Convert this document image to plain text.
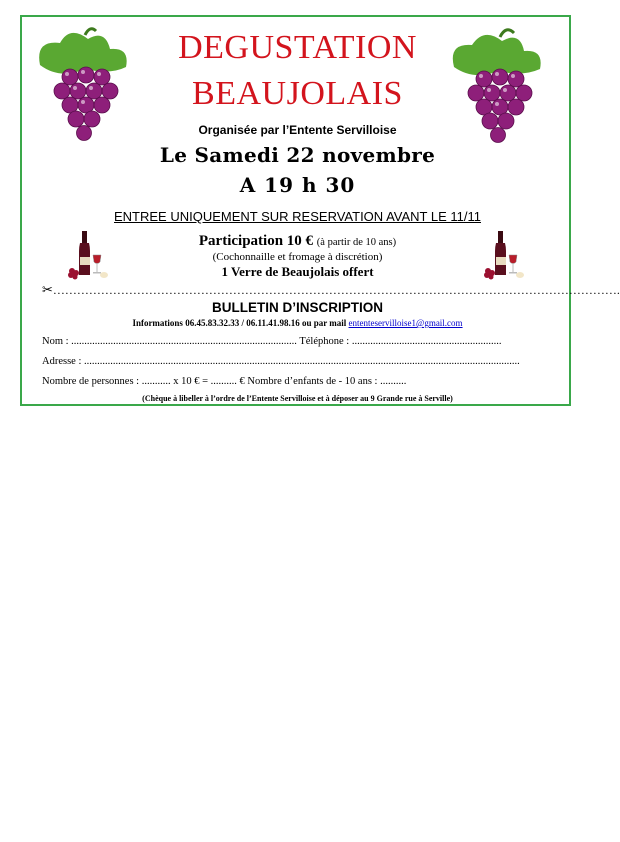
DEGUSTATION
BEAUJOLAIS
Organisée par l’Entente Servilloise
Le Samedi 22 novembre
A 19 h 30
ENTREE UNIQUEMENT SUR RESERVATION AVANT LE 11/11
Participation 10 € (à partir de 10 ans)
(Cochonnaille et fromage à discrétion)
1 Verre de Beaujolais offert
✂…………………………………………………………………………………………………………………………….
BULLETIN D’INSCRIPTION
Informations 06.45.83.32.33 / 06.11.41.98.16 ou par mail ententeservilloise1@gmail.com
Nom : ...................................................................................... Téléphone : .........................................................
Adresse : ......................................................................................................................................................................
Nombre de personnes : ........... x 10 € = .......... € Nombre d’enfants de - 10 ans : ..........
(Chèque à libeller à l’ordre de l’Entente Servilloise et à déposer au 9 Grande rue à Serville)
